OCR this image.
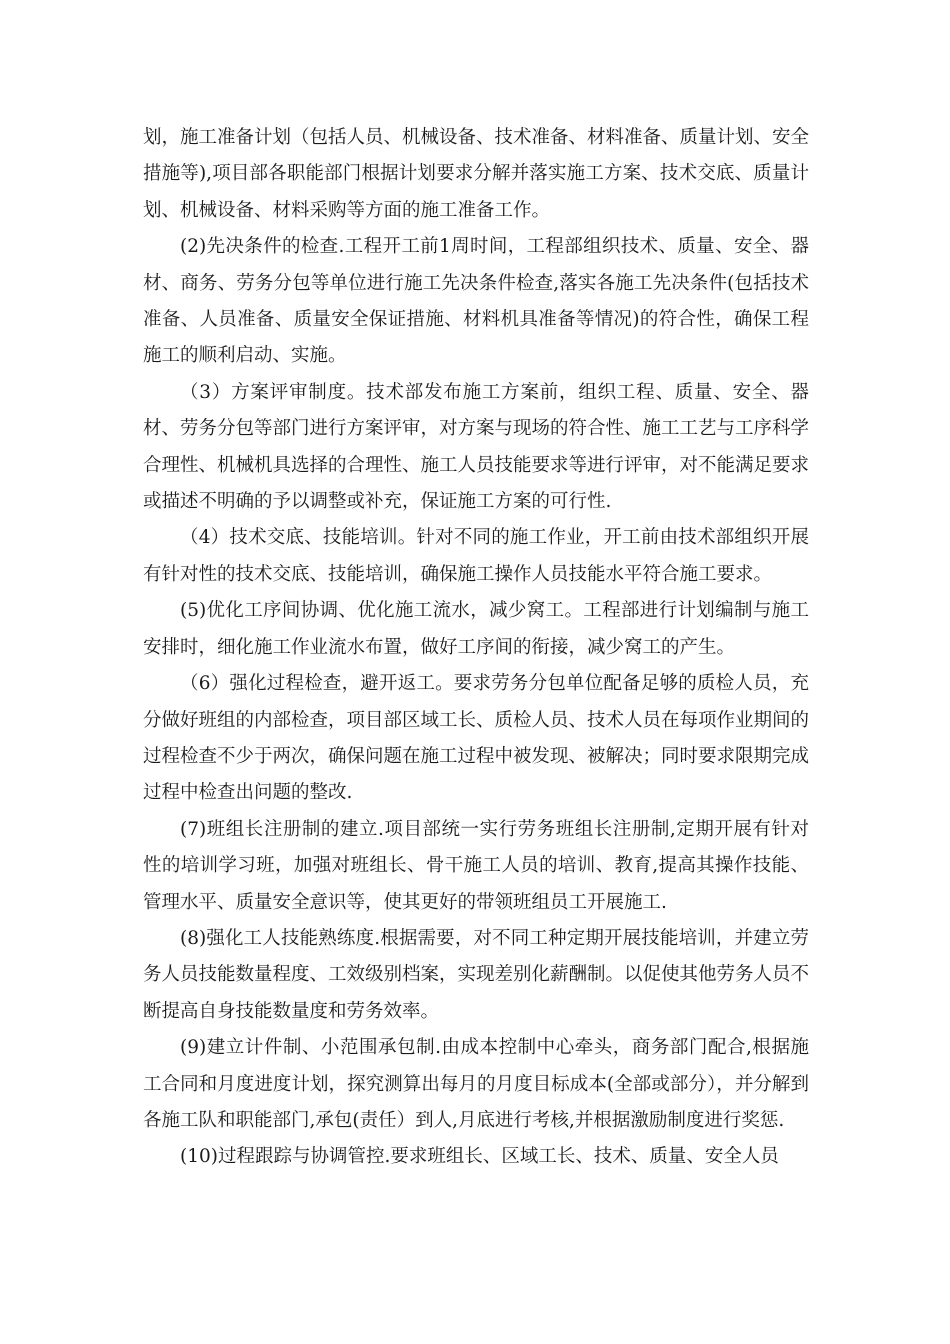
划，施工准备计划（包括人员、机械设备、技术准备、材料准备、质量计划、安全措施等),项目部各职能部门根据计划要求分解并落实施工方案、技术交底、质量计划、机械设备、材料采购等方面的施工准备工作。

(2)先决条件的检查.工程开工前1周时间，工程部组织技术、质量、安全、器材、商务、劳务分包等单位进行施工先决条件检查,落实各施工先决条件(包括技术准备、人员准备、质量安全保证措施、材料机具准备等情况)的符合性，确保工程施工的顺利启动、实施。

（3）方案评审制度。技术部发布施工方案前，组织工程、质量、安全、器材、劳务分包等部门进行方案评审，对方案与现场的符合性、施工工艺与工序科学合理性、机械机具选择的合理性、施工人员技能要求等进行评审，对不能满足要求或描述不明确的予以调整或补充，保证施工方案的可行性.

（4）技术交底、技能培训。针对不同的施工作业，开工前由技术部组织开展有针对性的技术交底、技能培训，确保施工操作人员技能水平符合施工要求。

(5)优化工序间协调、优化施工流水，减少窝工。工程部进行计划编制与施工安排时，细化施工作业流水布置，做好工序间的衔接，减少窝工的产生。

（6）强化过程检查，避开返工。要求劳务分包单位配备足够的质检人员，充分做好班组的内部检查，项目部区域工长、质检人员、技术人员在每项作业期间的过程检查不少于两次，确保问题在施工过程中被发现、被解决；同时要求限期完成过程中检查出问题的整改.

(7)班组长注册制的建立.项目部统一实行劳务班组长注册制,定期开展有针对性的培训学习班，加强对班组长、骨干施工人员的培训、教育,提高其操作技能、管理水平、质量安全意识等，使其更好的带领班组员工开展施工.

(8)强化工人技能熟练度.根据需要，对不同工种定期开展技能培训，并建立劳务人员技能数量程度、工效级别档案，实现差别化薪酬制。以促使其他劳务人员不断提高自身技能数量度和劳务效率。

(9)建立计件制、小范围承包制.由成本控制中心牵头，商务部门配合,根据施工合同和月度进度计划，探究测算出每月的月度目标成本(全部或部分），并分解到各施工队和职能部门,承包(责任）到人,月底进行考核,并根据激励制度进行奖惩.

(10)过程跟踪与协调管控.要求班组长、区域工长、技术、质量、安全人员
